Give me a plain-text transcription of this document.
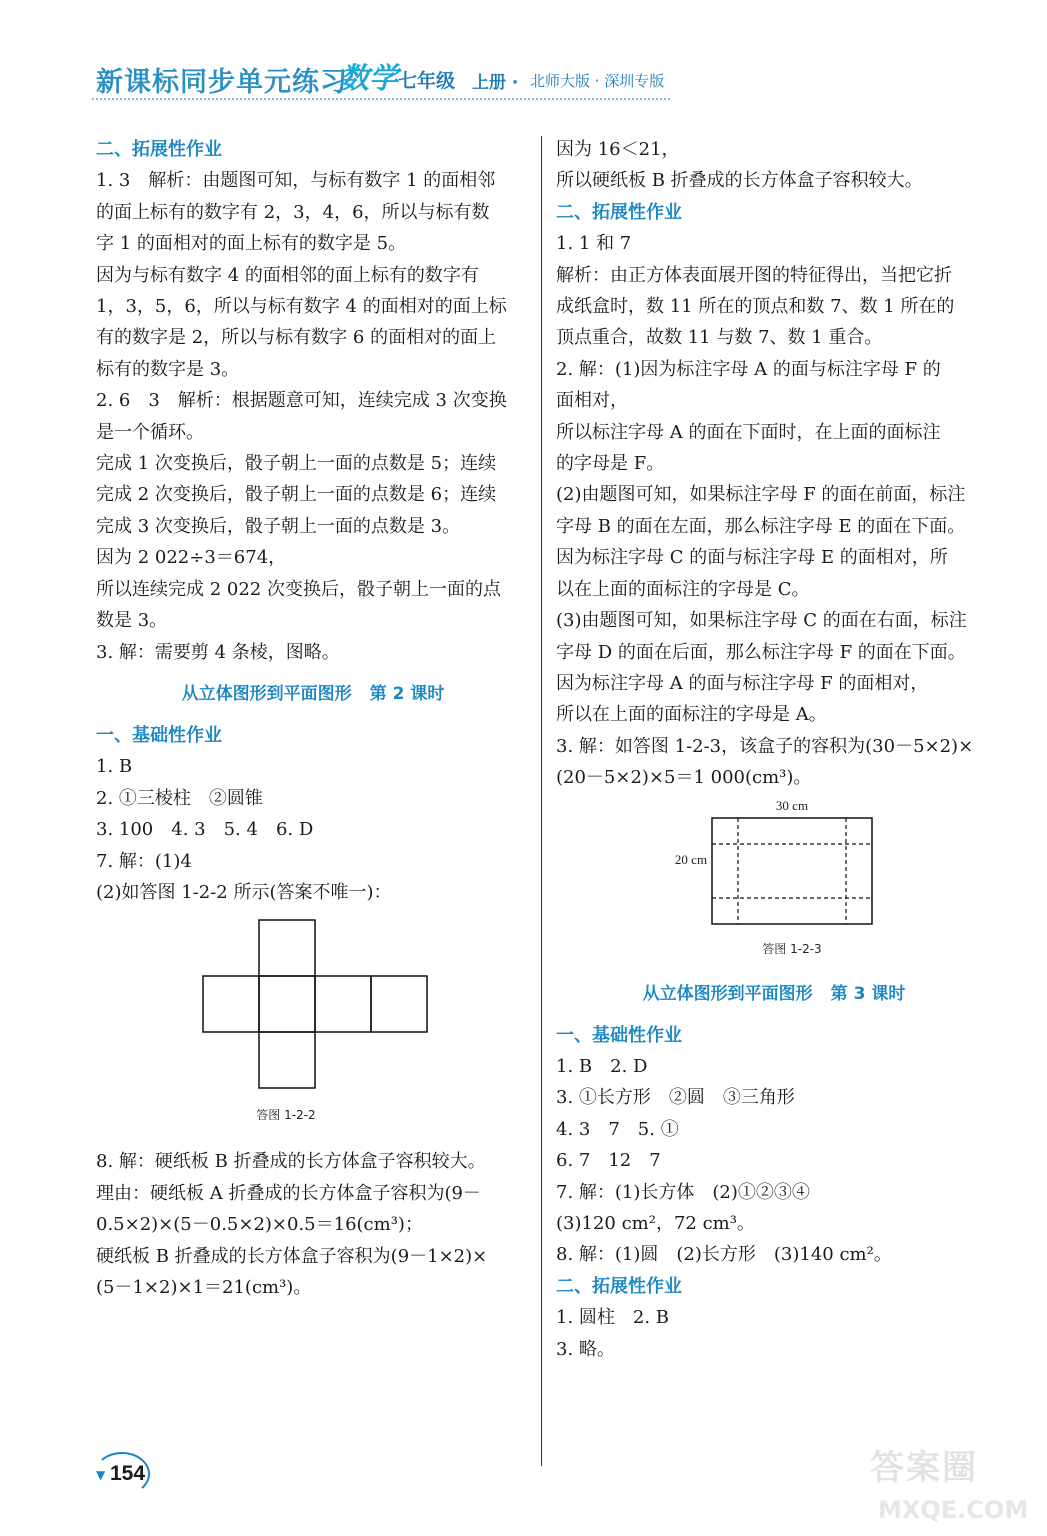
新课标同步单元练习
数学 七年级 上册 · 北师大版 · 深圳专版

二、拓展性作业

1. 3　解析：由题图可知，与标有数字 1 的面相邻

的面上标有的数字有 2，3，4，6，所以与标有数

字 1 的面相对的面上标有的数字是 5。

因为与标有数字 4 的面相邻的面上标有的数字有

1，3，5，6，所以与标有数字 4 的面相对的面上标

有的数字是 2，所以与标有数字 6 的面相对的面上

标有的数字是 3。

2. 6　3　解析：根据题意可知，连续完成 3 次变换

是一个循环。

完成 1 次变换后，骰子朝上一面的点数是 5；连续

完成 2 次变换后，骰子朝上一面的点数是 6；连续

完成 3 次变换后，骰子朝上一面的点数是 3。

因为 2 022÷3＝674，

所以连续完成 2 022 次变换后，骰子朝上一面的点

数是 3。

3. 解：需要剪 4 条棱，图略。

从立体图形到平面图形 第 2 课时

一、基础性作业

1. B

2. ①三棱柱　②圆锥

3. 100　4. 3　5. 4　6. D

7. 解：(1)4

(2)如答图 1-2-2 所示(答案不唯一)：

答图 1-2-2

8. 解：硬纸板 B 折叠成的长方体盒子容积较大。

理由：硬纸板 A 折叠成的长方体盒子容积为(9－

0.5×2)×(5－0.5×2)×0.5＝16(cm³)；

硬纸板 B 折叠成的长方体盒子容积为(9－1×2)×

(5－1×2)×1＝21(cm³)。

因为 16＜21，

所以硬纸板 B 折叠成的长方体盒子容积较大。

二、拓展性作业

1. 1 和 7

解析：由正方体表面展开图的特征得出，当把它折

成纸盒时，数 11 所在的顶点和数 7、数 1 所在的

顶点重合，故数 11 与数 7、数 1 重合。

2. 解：(1)因为标注字母 A 的面与标注字母 F 的

面相对，

所以标注字母 A 的面在下面时，在上面的面标注

的字母是 F。

(2)由题图可知，如果标注字母 F 的面在前面，标注

字母 B 的面在左面，那么标注字母 E 的面在下面。

因为标注字母 C 的面与标注字母 E 的面相对，所

以在上面的面标注的字母是 C。

(3)由题图可知，如果标注字母 C 的面在右面，标注

字母 D 的面在后面，那么标注字母 F 的面在下面。

因为标注字母 A 的面与标注字母 F 的面相对，

所以在上面的面标注的字母是 A。

3. 解：如答图 1-2-3，该盒子的容积为(30－5×2)×

(20－5×2)×5＝1 000(cm³)。

30 cm
20 cm
答图 1-2-3
从立体图形到平面图形 第 3 课时

一、基础性作业

1. B　2. D

3. ①长方形　②圆　③三角形

4. 3　7　5. ①

6. 7　12　7

7. 解：(1)长方体　(2)①②③④

(3)120 cm²，72 cm³。

8. 解：(1)圆　(2)长方形　(3)140 cm²。

二、拓展性作业

1. 圆柱　2. B

3. 略。

▼ 154	答案圈
MXQE.COM
